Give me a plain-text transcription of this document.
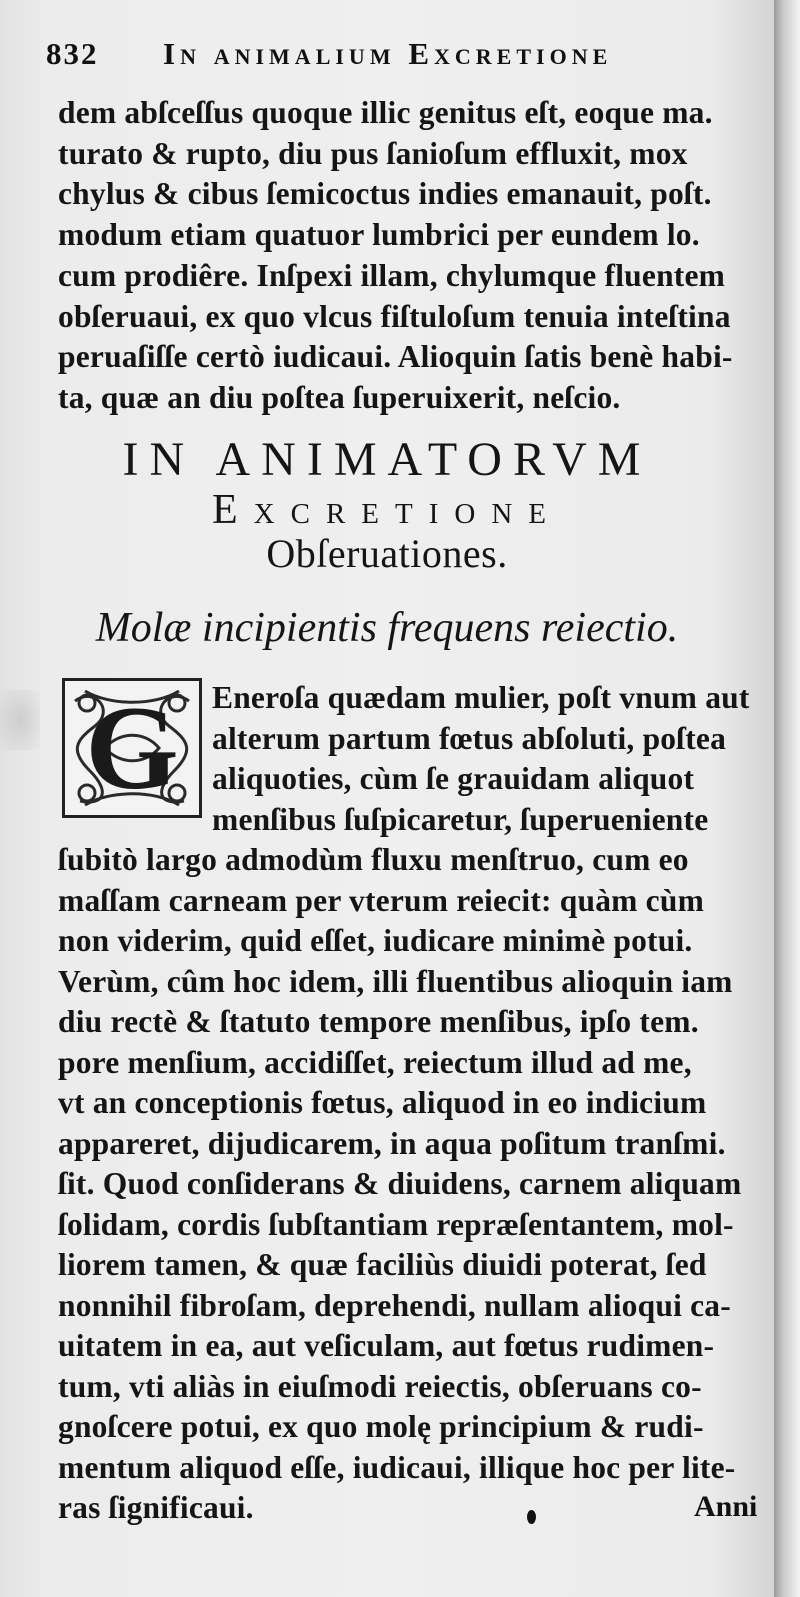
832 In animalium Excretione
dem abſceſſus quoque illic genitus eſt, eoque ma.
turato & rupto, diu pus ſanioſum effluxit, mox
chylus & cibus ſemicoctus indies emanauit, poſt.
modum etiam quatuor lumbrici per eundem lo.
cum prodiêre. Inſpexi illam, chylumque fluentem
obſeruaui, ex quo vlcus fiſtuloſum tenuia inteſtina
peruaſiſſe certò iudicaui. Alioquin ſatis benè habi-
ta, quæ an diu poſtea ſuperuixerit, neſcio.
IN ANIMATORVM
Excretione
Obſeruationes.
Molæ incipientis frequens reiectio.
G	Eneroſa quædam mulier, poſt vnum aut
alterum partum fœtus abſoluti, poſtea
aliquoties, cùm ſe grauidam aliquot
menſibus ſuſpicaretur, ſuperueniente
ſubitò largo admodùm fluxu menſtruo, cum eo
maſſam carneam per vterum reiecit: quàm cùm
non viderim, quid eſſet, iudicare minimè potui.
Verùm, cûm hoc idem, illi fluentibus alioquin iam
diu rectè & ſtatuto tempore menſibus, ipſo tem.
pore menſium, accidiſſet, reiectum illud ad me,
vt an conceptionis fœtus, aliquod in eo indicium
appareret, dijudicarem, in aqua poſitum tranſmi.
ſit. Quod conſiderans & diuidens, carnem aliquam
ſolidam, cordis ſubſtantiam repræſentantem, mol-
liorem tamen, & quæ faciliùs diuidi poterat, ſed
nonnihil fibroſam, deprehendi, nullam alioqui ca-
uitatem in ea, aut veſiculam, aut fœtus rudimen-
tum, vti aliàs in eiuſmodi reiectis, obſeruans co-
gnoſcere potui, ex quo molę principium & rudi-
mentum aliquod eſſe, iudicaui, illique hoc per lite-
ras ſignificaui.	Anni
